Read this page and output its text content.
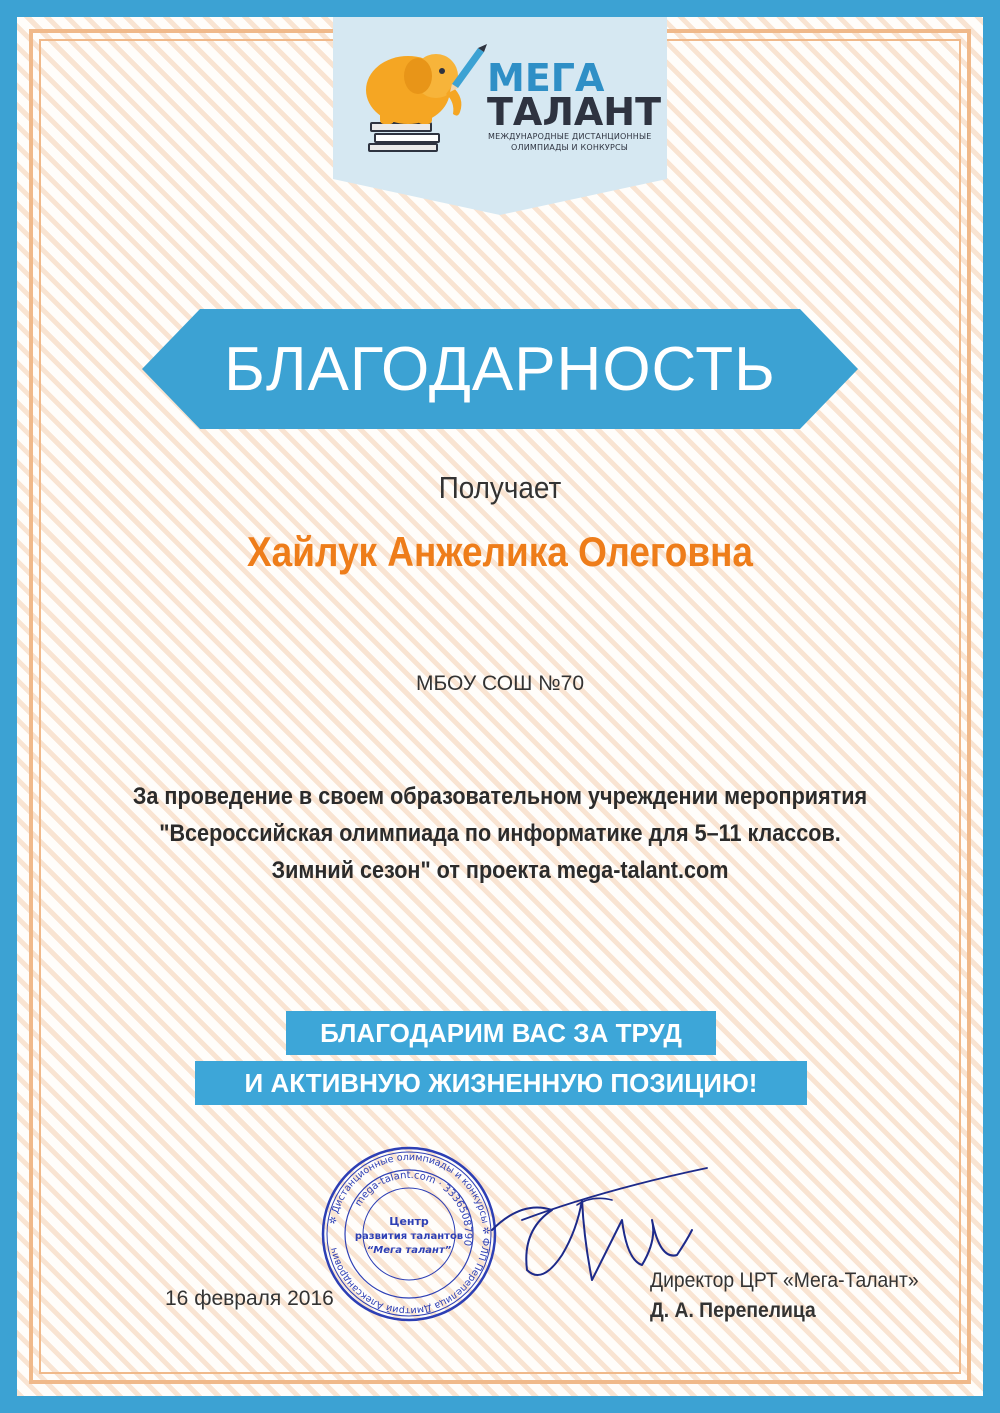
МЕГА
ТАЛАНТ
МЕЖДУНАРОДНЫЕ ДИСТАНЦИОННЫЕ
ОЛИМПИАДЫ И КОНКУРСЫ
БЛАГОДАРНОСТЬ
Получает
Хайлук Анжелика Олеговна
МБОУ СОШ №70
За проведение в своем образовательном учреждении мероприятия
"Всероссийская олимпиада по информатике для 5–11 классов.
Зимний сезон" от проекта mega-talant.com
БЛАГОДАРИМ ВАС ЗА ТРУД
И АКТИВНУЮ ЖИЗНЕННУЮ ПОЗИЦИЮ!
✲ Дистанционные олимпиады и конкурсы ✲ ФЛП Перепелица Дмитрий Александрович
mega-talant.com · 3336508790
Центр
развития талантов
“Мега талант”
16 февраля 2016
Директор ЦРТ «Мега-Талант»
Д. А. Перепелица
